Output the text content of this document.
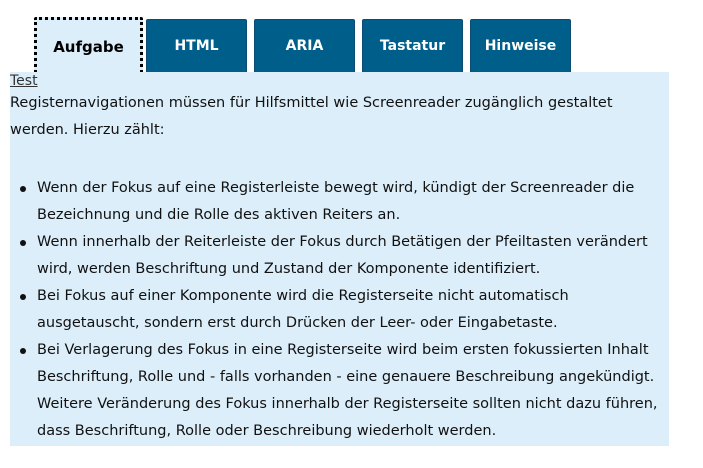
Aufgabe	HTML	ARIA	Tastatur	Hinweise
Test

Registernavigationen müssen für Hilfsmittel wie Screenreader zugänglich gestaltet werden. Hierzu zählt:

Wenn der Fokus auf eine Registerleiste bewegt wird, kündigt der Screenreader die Bezeichnung und die Rolle des aktiven Reiters an.
Wenn innerhalb der Reiterleiste der Fokus durch Betätigen der Pfeiltasten verändert wird, werden Beschriftung und Zustand der Komponente identifiziert.
Bei Fokus auf einer Komponente wird die Registerseite nicht automatisch ausgetauscht, sondern erst durch Drücken der Leer- oder Eingabetaste.
Bei Verlagerung des Fokus in eine Registerseite wird beim ersten fokussierten Inhalt Beschriftung, Rolle und - falls vorhanden - eine genauere Beschreibung angekündigt. Weitere Veränderung des Fokus innerhalb der Registerseite sollten nicht dazu führen, dass Beschriftung, Rolle oder Beschreibung wiederholt werden.
